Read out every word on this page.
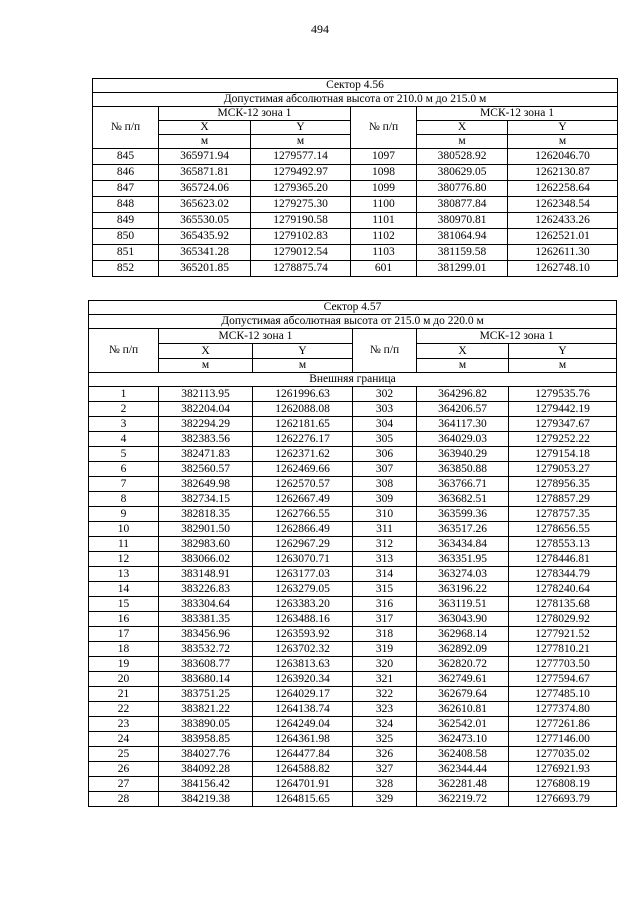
494
Сектор 4.56					
Допустимая абсолютная высота от 210.0 м до 215.0 м					
№ п/п	МСК-12 зона 1		№ п/п	МСК-12 зона 1	
	X	Y		X	Y
	м	м		м	м
845	365971.94	1279577.14	1097	380528.92	1262046.70
846	365871.81	1279492.97	1098	380629.05	1262130.87
847	365724.06	1279365.20	1099	380776.80	1262258.64
848	365623.02	1279275.30	1100	380877.84	1262348.54
849	365530.05	1279190.58	1101	380970.81	1262433.26
850	365435.92	1279102.83	1102	381064.94	1262521.01
851	365341.28	1279012.54	1103	381159.58	1262611.30
852	365201.85	1278875.74	601	381299.01	1262748.10
Сектор 4.57					
Допустимая абсолютная высота от 215.0 м до 220.0 м					
№ п/п	МСК-12 зона 1		№ п/п	МСК-12 зона 1	
	X	Y		X	Y
	м	м		м	м
Внешняя граница					
1	382113.95	1261996.63	302	364296.82	1279535.76
2	382204.04	1262088.08	303	364206.57	1279442.19
3	382294.29	1262181.65	304	364117.30	1279347.67
4	382383.56	1262276.17	305	364029.03	1279252.22
5	382471.83	1262371.62	306	363940.29	1279154.18
6	382560.57	1262469.66	307	363850.88	1279053.27
7	382649.98	1262570.57	308	363766.71	1278956.35
8	382734.15	1262667.49	309	363682.51	1278857.29
9	382818.35	1262766.55	310	363599.36	1278757.35
10	382901.50	1262866.49	311	363517.26	1278656.55
11	382983.60	1262967.29	312	363434.84	1278553.13
12	383066.02	1263070.71	313	363351.95	1278446.81
13	383148.91	1263177.03	314	363274.03	1278344.79
14	383226.83	1263279.05	315	363196.22	1278240.64
15	383304.64	1263383.20	316	363119.51	1278135.68
16	383381.35	1263488.16	317	363043.90	1278029.92
17	383456.96	1263593.92	318	362968.14	1277921.52
18	383532.72	1263702.32	319	362892.09	1277810.21
19	383608.77	1263813.63	320	362820.72	1277703.50
20	383680.14	1263920.34	321	362749.61	1277594.67
21	383751.25	1264029.17	322	362679.64	1277485.10
22	383821.22	1264138.74	323	362610.81	1277374.80
23	383890.05	1264249.04	324	362542.01	1277261.86
24	383958.85	1264361.98	325	362473.10	1277146.00
25	384027.76	1264477.84	326	362408.58	1277035.02
26	384092.28	1264588.82	327	362344.44	1276921.93
27	384156.42	1264701.91	328	362281.48	1276808.19
28	384219.38	1264815.65	329	362219.72	1276693.79
